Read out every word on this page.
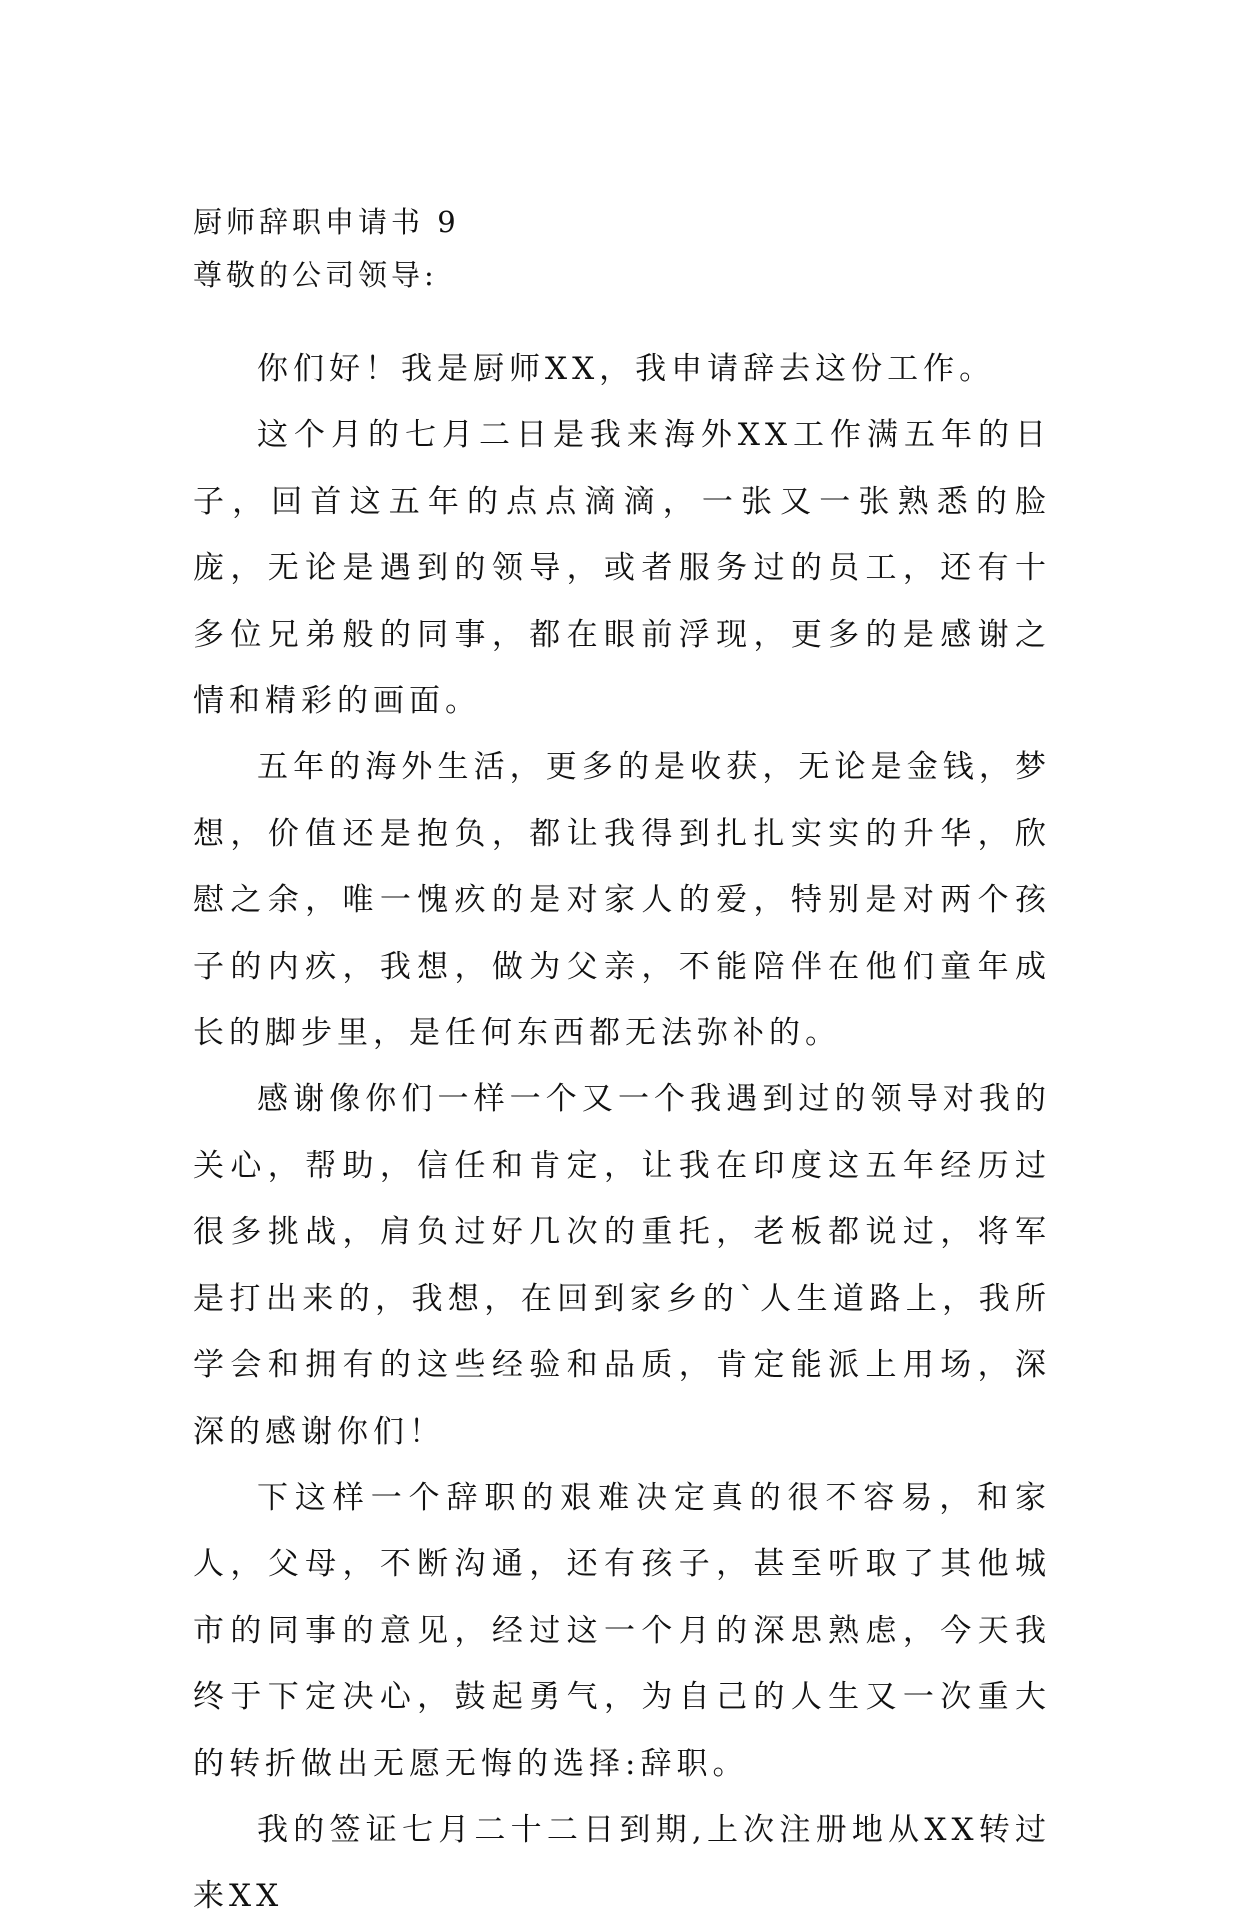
厨师辞职申请书 9
尊敬的公司领导:

你们好！我是厨师XX，我申请辞去这份工作。

这个月的七月二日是我来海外XX工作满五年的日子，回首这五年的点点滴滴，一张又一张熟悉的脸庞，无论是遇到的领导，或者服务过的员工，还有十多位兄弟般的同事，都在眼前浮现，更多的是感谢之情和精彩的画面。

五年的海外生活，更多的是收获，无论是金钱，梦想，价值还是抱负，都让我得到扎扎实实的升华，欣慰之余，唯一愧疚的是对家人的爱，特别是对两个孩子的内疚，我想，做为父亲，不能陪伴在他们童年成长的脚步里，是任何东西都无法弥补的。

感谢像你们一样一个又一个我遇到过的领导对我的关心，帮助，信任和肯定，让我在印度这五年经历过很多挑战，肩负过好几次的重托，老板都说过，将军是打出来的，我想，在回到家乡的`人生道路上，我所学会和拥有的这些经验和品质，肯定能派上用场，深深的感谢你们！

下这样一个辞职的艰难决定真的很不容易，和家人，父母，不断沟通，还有孩子，甚至听取了其他城市的同事的意见，经过这一个月的深思熟虑，今天我终于下定决心，鼓起勇气，为自己的人生又一次重大的转折做出无愿无悔的选择:辞职。

我的签证七月二十二日到期,上次注册地从XX转过来XX
